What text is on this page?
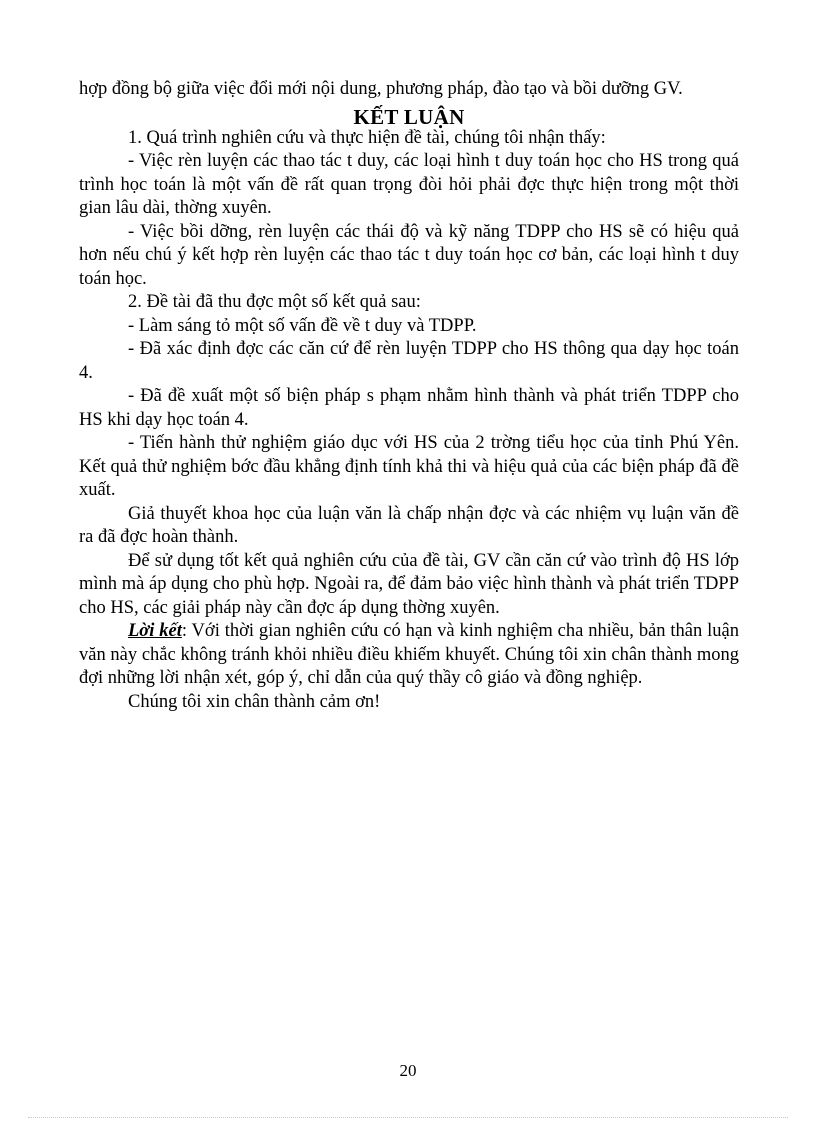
hợp đồng bộ giữa việc đổi mới nội dung, phương pháp, đào tạo và bồi dưỡng GV.

KẾT LUẬN

1. Quá trình nghiên cứu và thực hiện đề tài, chúng tôi nhận thấy:

- Việc rèn luyện các thao tác t duy, các loại hình t duy toán học cho HS trong quá trình học toán là một vấn đề rất quan trọng đòi hỏi phải đợc thực hiện trong một thời gian lâu dài, thờng xuyên.

- Việc bồi dỡng, rèn luyện các thái độ và kỹ năng TDPP cho HS sẽ có hiệu quả hơn nếu chú ý kết hợp rèn luyện các thao tác t duy toán học cơ bản, các loại hình t duy toán học.

2. Đề tài đã thu đợc một số kết quả sau:

- Làm sáng tỏ một số vấn đề về t duy và TDPP.

- Đã xác định đợc các căn cứ để rèn luyện TDPP cho HS thông qua dạy học toán 4.

- Đã đề xuất một số biện pháp s phạm nhằm hình thành và phát triển TDPP cho HS khi dạy học toán 4.

- Tiến hành thử nghiệm giáo dục với HS của 2 trờng tiểu học của tỉnh Phú Yên. Kết quả thử nghiệm bớc đầu khẳng định tính khả thi và hiệu quả của các biện pháp đã đề xuất.

Giả thuyết khoa học của luận văn là chấp nhận đợc và các nhiệm vụ luận văn đề ra đã đợc hoàn thành.

Để sử dụng tốt kết quả nghiên cứu của đề tài, GV cần căn cứ vào trình độ HS lớp mình mà áp dụng cho phù hợp. Ngoài ra, để đảm bảo việc hình thành và phát triển TDPP cho HS, các giải pháp này cần đợc áp dụng thờng xuyên.

Lời kết: Với thời gian nghiên cứu có hạn và kinh nghiệm cha nhiều, bản thân luận văn này chắc không tránh khỏi nhiều điều khiếm khuyết. Chúng tôi xin chân thành mong đợi những lời nhận xét, góp ý, chỉ dẫn của quý thầy cô giáo và đồng nghiệp.

Chúng tôi xin chân thành cảm ơn!

20
